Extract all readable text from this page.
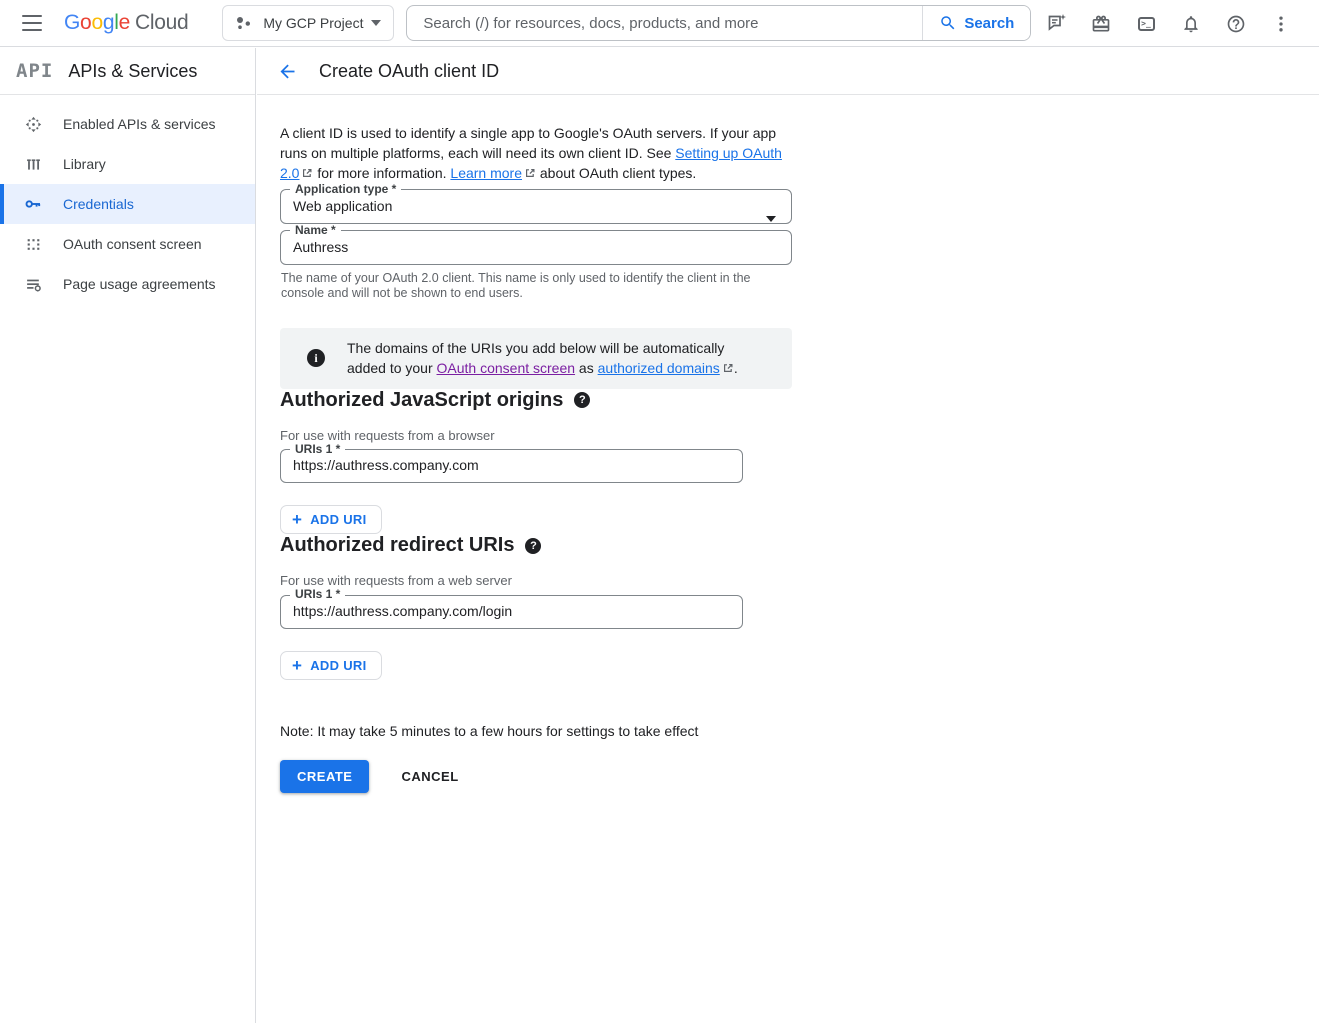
Google Cloud	My GCP Project
Search (/) for resources, docs, products, and more	Search	>_
API APIs & Services
Enabled APIs & services
Library
Credentials
OAuth consent screen
Page usage agreements
Create OAuth client ID

A client ID is used to identify a single app to Google's OAuth servers. If your app runs on multiple platforms, each will need its own client ID. See Setting up OAuth 2.0 for more information. Learn more about OAuth client types.

Application type *
Web application
Name *
Authress
The name of your OAuth 2.0 client. This name is only used to identify the client in the console and will not be shown to end users.
i
The domains of the URIs you add below will be automatically added to your OAuth consent screen as authorized domains .
Authorized JavaScript origins	?
For use with requests from a browser
URIs 1 *
https://authress.company.com
+ ADD URI
Authorized redirect URIs	?
For use with requests from a web server
URIs 1 *
https://authress.company.com/login
+ ADD URI
Note: It may take 5 minutes to a few hours for settings to take effect
CREATE	CANCEL
